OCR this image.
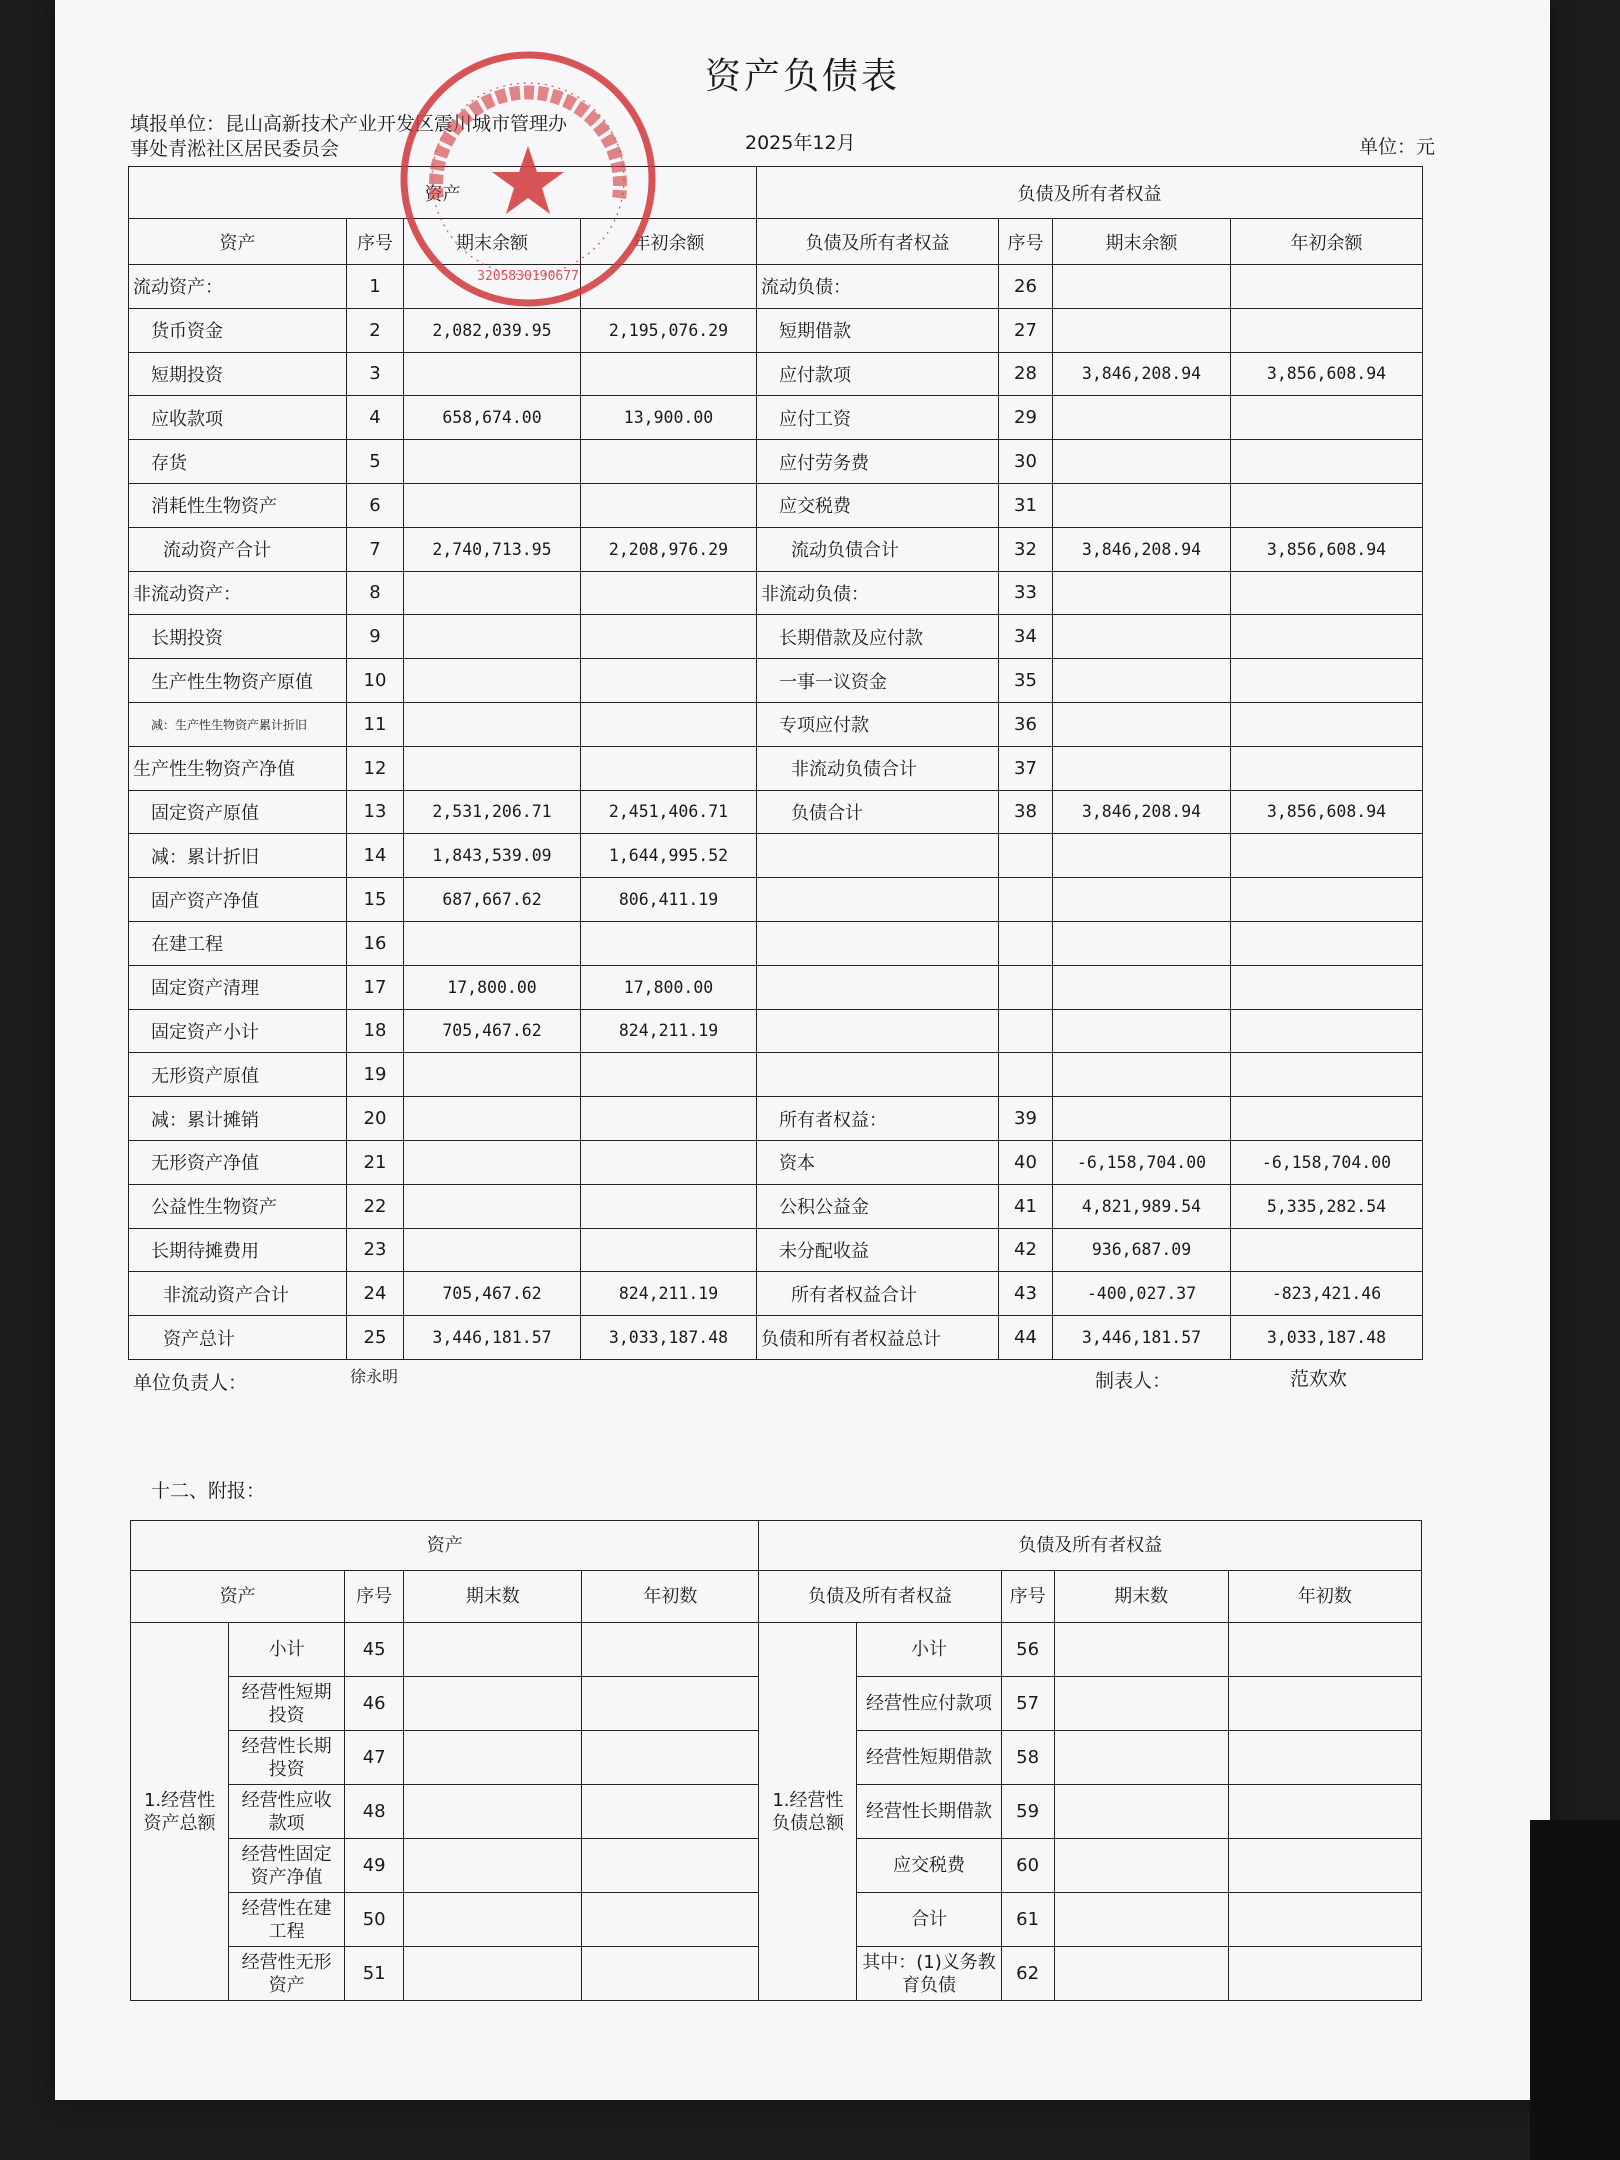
资产负债表
填报单位：昆山高新技术产业开发区震川城市管理办
事处青淞社区居民委员会	2025年12月	单位：元
资产				负债及所有者权益			
资产	序号	期末余额	年初余额	负债及所有者权益	序号	期末余额	年初余额
流动资产：	1			流动负债：	26		
货币资金	2	2,082,039.95	2,195,076.29	短期借款	27		
短期投资	3			应付款项	28	3,846,208.94	3,856,608.94
应收款项	4	658,674.00	13,900.00	应付工资	29		
存货	5			应付劳务费	30		
消耗性生物资产	6			应交税费	31		
流动资产合计	7	2,740,713.95	2,208,976.29	流动负债合计	32	3,846,208.94	3,856,608.94
非流动资产：	8			非流动负债：	33		
长期投资	9			长期借款及应付款	34		
生产性生物资产原值	10			一事一议资金	35		
减：生产性生物资产累计折旧	11			专项应付款	36		
生产性生物资产净值	12			非流动负债合计	37		
固定资产原值	13	2,531,206.71	2,451,406.71	负债合计	38	3,846,208.94	3,856,608.94
减：累计折旧	14	1,843,539.09	1,644,995.52				
固产资产净值	15	687,667.62	806,411.19				
在建工程	16						
固定资产清理	17	17,800.00	17,800.00				
固定资产小计	18	705,467.62	824,211.19				
无形资产原值	19						
减：累计摊销	20			所有者权益：	39		
无形资产净值	21			资本	40	-6,158,704.00	-6,158,704.00
公益性生物资产	22			公积公益金	41	4,821,989.54	5,335,282.54
长期待摊费用	23			未分配收益	42	936,687.09	
非流动资产合计	24	705,467.62	824,211.19	所有者权益合计	43	-400,027.37	-823,421.46
资产总计	25	3,446,181.57	3,033,187.48	负债和所有者权益总计	44	3,446,181.57	3,033,187.48
单位负责人：	徐永明	制表人：	范欢欢
十二、附报：
资产					负债及所有者权益				
资产		序号	期末数	年初数	负债及所有者权益		序号	期末数	年初数
1.经营性资产总额	小计	45			1.经营性负债总额	小计	56		
	经营性短期投资	46				经营性应付款项	57		
	经营性长期投资	47				经营性短期借款	58		
	经营性应收款项	48				经营性长期借款	59		
	经营性固定资产净值	49				应交税费	60		
	经营性在建工程	50				合计	61		
	经营性无形资产	51				其中：(1)义务教育负债	62		
3205830190677
